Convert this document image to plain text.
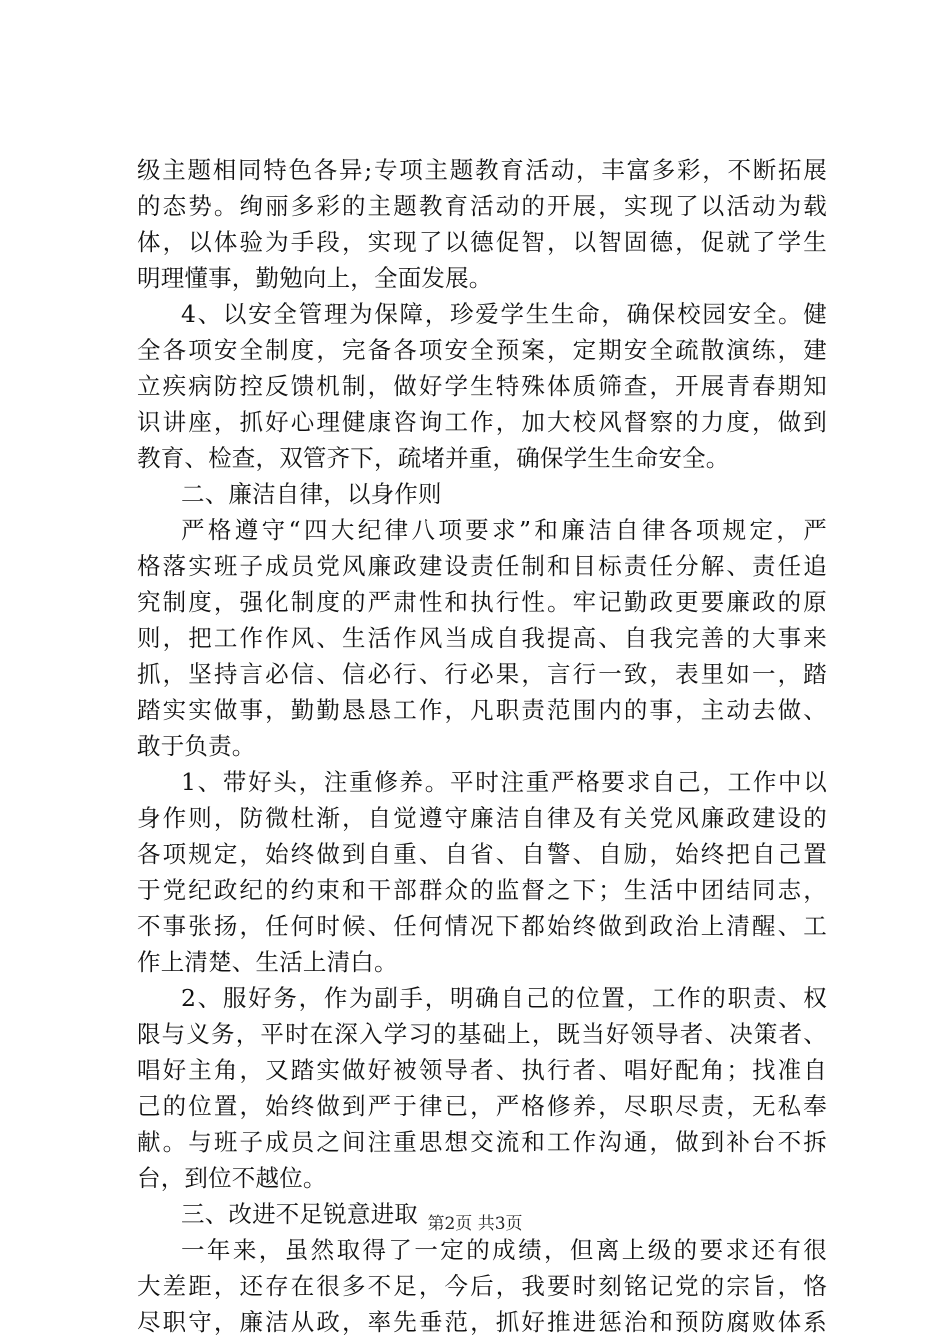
级主题相同特色各异;专项主题教育活动，丰富多彩，不断拓展
的态势。绚丽多彩的主题教育活动的开展，实现了以活动为载
体，以体验为手段，实现了以德促智，以智固德，促就了学生
明理懂事，勤勉向上，全面发展。
4、以安全管理为保障，珍爱学生生命，确保校园安全。健
全各项安全制度，完备各项安全预案，定期安全疏散演练，建
立疾病防控反馈机制，做好学生特殊体质筛查，开展青春期知
识讲座，抓好心理健康咨询工作，加大校风督察的力度，做到
教育、检查，双管齐下，疏堵并重，确保学生生命安全。
二、廉洁自律，以身作则
严格遵守“四大纪律八项要求”和廉洁自律各项规定，严
格落实班子成员党风廉政建设责任制和目标责任分解、责任追
究制度，强化制度的严肃性和执行性。牢记勤政更要廉政的原
则，把工作作风、生活作风当成自我提高、自我完善的大事来
抓，坚持言必信、信必行、行必果，言行一致，表里如一，踏
踏实实做事，勤勤恳恳工作，凡职责范围内的事，主动去做、
敢于负责。
1、带好头，注重修养。平时注重严格要求自己，工作中以
身作则，防微杜渐，自觉遵守廉洁自律及有关党风廉政建设的
各项规定，始终做到自重、自省、自警、自励，始终把自己置
于党纪政纪的约束和干部群众的监督之下；生活中团结同志，
不事张扬，任何时候、任何情况下都始终做到政治上清醒、工
作上清楚、生活上清白。
2、服好务，作为副手，明确自己的位置，工作的职责、权
限与义务，平时在深入学习的基础上，既当好领导者、决策者、
唱好主角，又踏实做好被领导者、执行者、唱好配角；找准自
己的位置，始终做到严于律已，严格修养，尽职尽责，无私奉
献。与班子成员之间注重思想交流和工作沟通，做到补台不拆
台，到位不越位。
三、改进不足锐意进取
一年来，虽然取得了一定的成绩，但离上级的要求还有很
大差距，还存在很多不足，今后，我要时刻铭记党的宗旨，恪
尽职守，廉洁从政，率先垂范，抓好推进惩治和预防腐败体系
第2页 共3页
